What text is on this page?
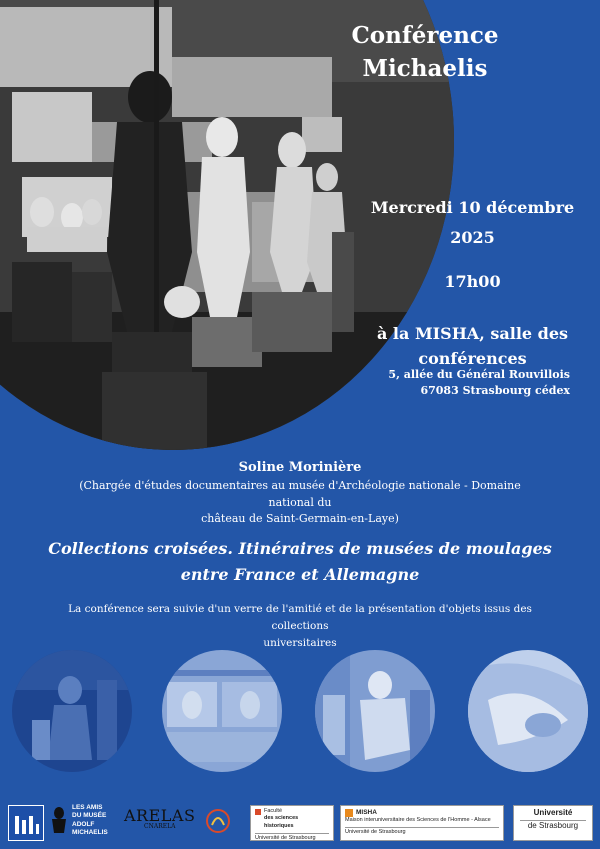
Conférence
Michaelis
Mercredi 10 décembre
2025
17h00
à la MISHA, salle des
conférences
5, allée du Général Rouvillois
67083 Strasbourg cédex
Soline Morinière
(Chargée d'études documentaires au musée d'Archéologie nationale - Domaine national du
château de Saint-Germain-en-Laye)
Collections croisées. Itinéraires de musées de moulages
entre France et Allemagne
La conférence sera suivie d'un verre de l'amitié et de la présentation d'objets issus des collections
universitaires
LES AMIS
DU MUSÉE
ADOLF
MICHAELIS
ARELAS
CNARELA
Faculté
des sciences historiques
Université de Strasbourg
MISHA
Maison interuniversitaire des Sciences de l'Homme - Alsace
Université de Strasbourg
Université
de Strasbourg
